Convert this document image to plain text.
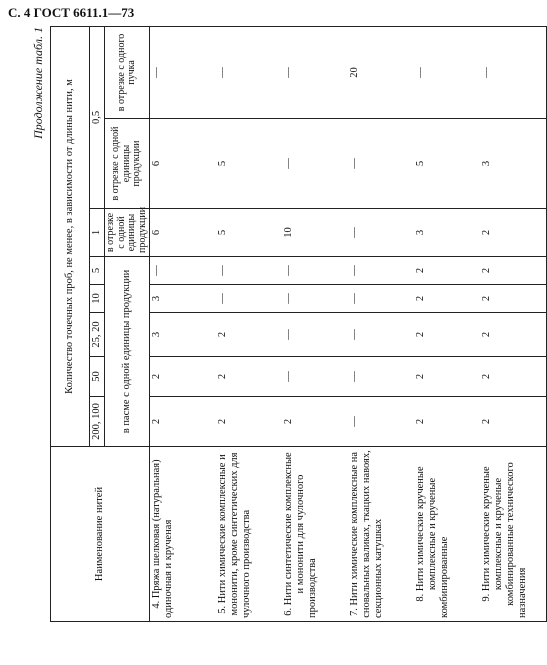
С. 4 ГОСТ 6611.1—73
Продолжение табл. 1
Наименование нитей	Количество точечных проб, не менее, в зависимости от длины нити, м							
	200, 100	50	25, 20	10	5	1	0,5	
	в пасме с одной единицы продукции					в отрезке с одной единицы продукции	в отрезке с одной единицы продукции	в отрезке с одного пучка
4. Пряжа шелковая (натуральная) одиночная и крученая	2	2	3	3	—	6	6	—
5. Нити химические комплексные и мононити, кроме синтетических для чулочного производства	2	2	2	—	—	5	5	—
6. Нити синтетические комплексные и мононити для чулочного производства	2	—	—	—	—	10	—	—
7. Нити химические комплексные на сновальных валиках, ткацких навоях, секционных катушках	—	—	—	—	—	—	—	20
8. Нити химические крученые комплексные и крученые комбинированные	2	2	2	2	2	3	5	—
9. Нити химические крученые комплексные и крученые комбинированные технического назначения	2	2	2	2	2	2	3	—
